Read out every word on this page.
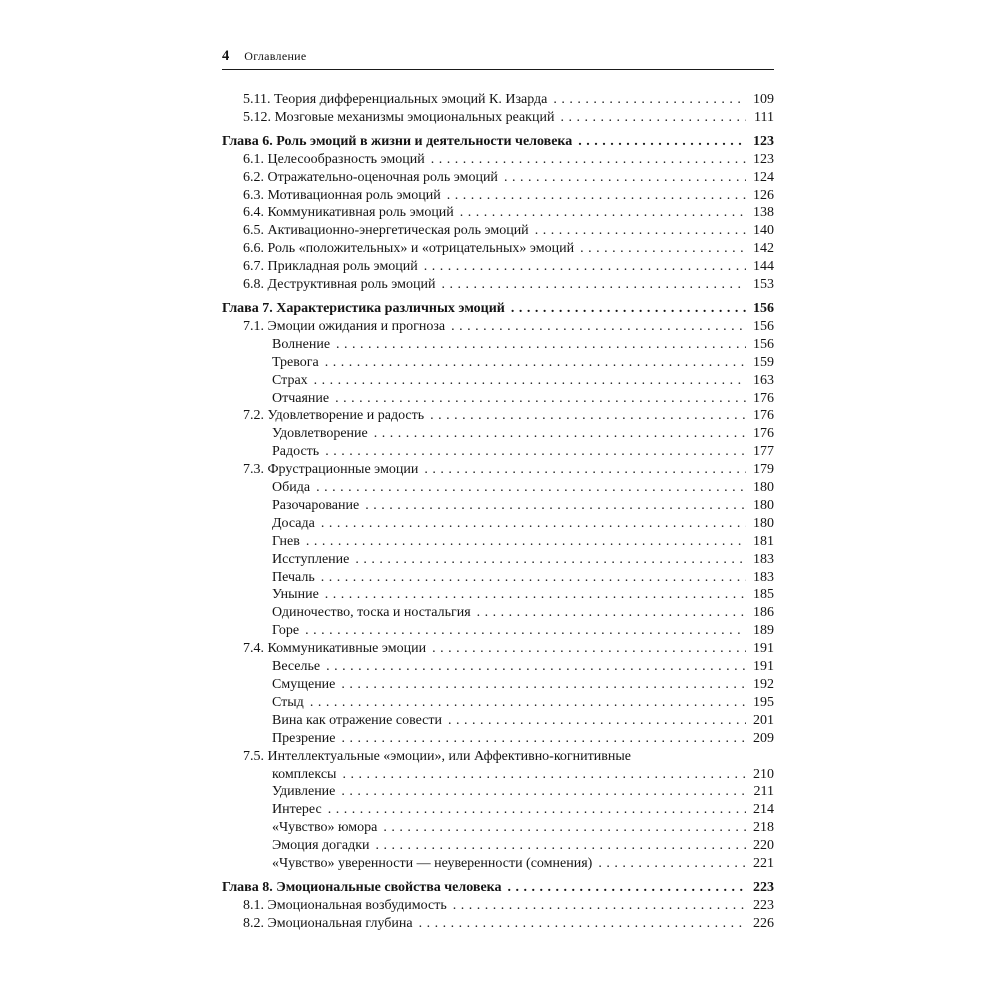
4 Оглавление
5.11. Теория дифференциальных эмоций К. Изарда . . .	109
5.12. Мозговые механизмы эмоциональных реакций . . .	111
Глава 6. Роль эмоций в жизни и деятельности человека . . .	123
6.1. Целесообразность эмоций . . .	123
6.2. Отражательно-оценочная роль эмоций . . .	124
6.3. Мотивационная роль эмоций . . .	126
6.4. Коммуникативная роль эмоций . . .	138
6.5. Активационно-энергетическая роль эмоций . . .	140
6.6. Роль «положительных» и «отрицательных» эмоций . . .	142
6.7. Прикладная роль эмоций . . .	144
6.8. Деструктивная роль эмоций . . .	153
Глава 7. Характеристика различных эмоций . . .	156
7.1. Эмоции ожидания и прогноза . . .	156
Волнение . . .	156
Тревога . . .	159
Страх . . .	163
Отчаяние . . .	176
7.2. Удовлетворение и радость . . .	176
Удовлетворение . . .	176
Радость . . .	177
7.3. Фрустрационные эмоции . . .	179
Обида . . .	180
Разочарование . . .	180
Досада . . .	180
Гнев . . .	181
Исступление . . .	183
Печаль . . .	183
Уныние . . .	185
Одиночество, тоска и ностальгия . . .	186
Горе . . .	189
7.4. Коммуникативные эмоции . . .	191
Веселье . . .	191
Смущение . . .	192
Стыд . . .	195
Вина как отражение совести . . .	201
Презрение . . .	209
7.5. Интеллектуальные «эмоции», или Аффективно-когнитивные
комплексы . . .	210
Удивление . . .	211
Интерес . . .	214
«Чувство» юмора . . .	218
Эмоция догадки . . .	220
«Чувство» уверенности — неуверенности (сомнения) . . .	221
Глава 8. Эмоциональные свойства человека . . .	223
8.1. Эмоциональная возбудимость . . .	223
8.2. Эмоциональная глубина . . .	226
